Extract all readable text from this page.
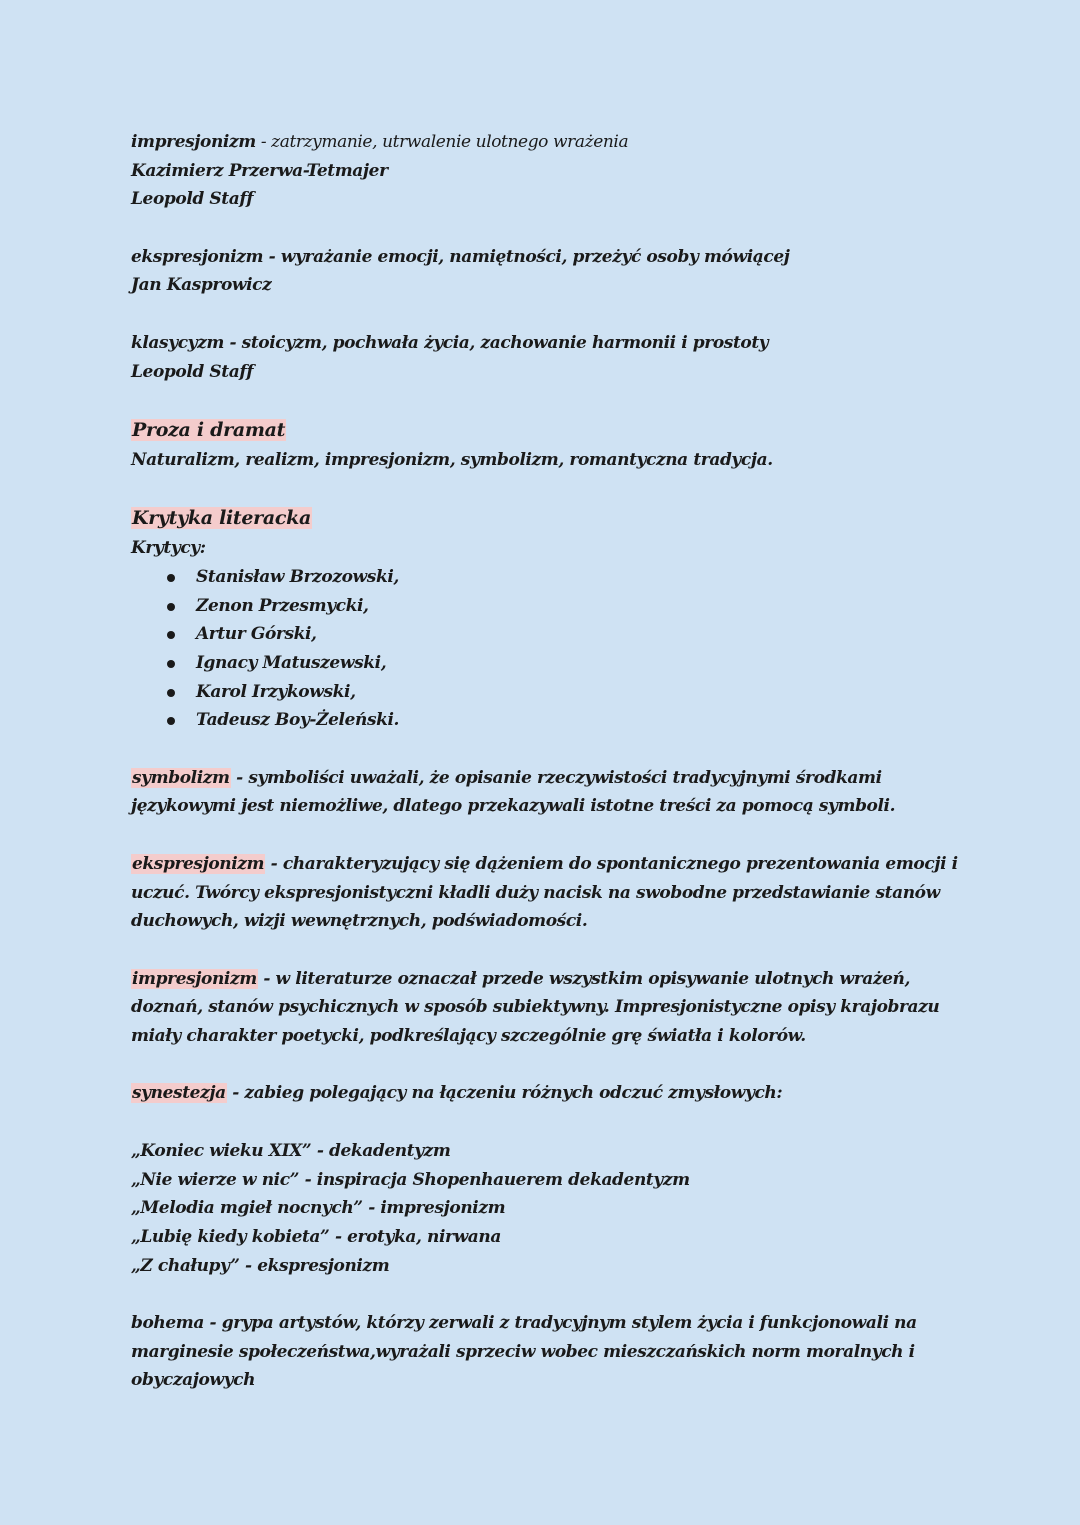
impresjonizm - zatrzymanie, utrwalenie ulotnego wrażenia
Kazimierz Przerwa-Tetmajer
Leopold Staff
ekspresjonizm - wyrażanie emocji, namiętności, przeżyć osoby mówiącej
Jan Kasprowicz
klasycyzm - stoicyzm, pochwała życia, zachowanie harmonii i prostoty
Leopold Staff
Proza i dramat
Naturalizm, realizm, impresjonizm, symbolizm, romantyczna tradycja.
Krytyka literacka
Krytycy:
Stanisław Brzozowski,
Zenon Przesmycki,
Artur Górski,
Ignacy Matuszewski,
Karol Irzykowski,
Tadeusz Boy-Żeleński.
symbolizm - symboliści uważali, że opisanie rzeczywistości tradycyjnymi środkami językowymi jest niemożliwe, dlatego przekazywali istotne treści za pomocą symboli.
ekspresjonizm - charakteryzujący się dążeniem do spontanicznego prezentowania emocji i uczuć. Twórcy ekspresjonistyczni kładli duży nacisk na swobodne przedstawianie stanów duchowych, wizji wewnętrznych, podświadomości.
impresjonizm - w literaturze oznaczał przede wszystkim opisywanie ulotnych wrażeń, doznań, stanów psychicznych w sposób subiektywny. Impresjonistyczne opisy krajobrazu miały charakter poetycki, podkreślający szczególnie grę światła i kolorów.
synestezja - zabieg polegający na łączeniu różnych odczuć zmysłowych:
„Koniec wieku XIX” - dekadentyzm
„Nie wierze w nic” - inspiracja Shopenhauerem dekadentyzm
„Melodia mgieł nocnych” - impresjonizm
„Lubię kiedy kobieta” - erotyka, nirwana
„Z chałupy” - ekspresjonizm
bohema - grypa artystów, którzy zerwali z tradycyjnym stylem życia i funkcjonowali na marginesie społeczeństwa,wyrażali sprzeciw wobec mieszczańskich norm moralnych i obyczajowych
